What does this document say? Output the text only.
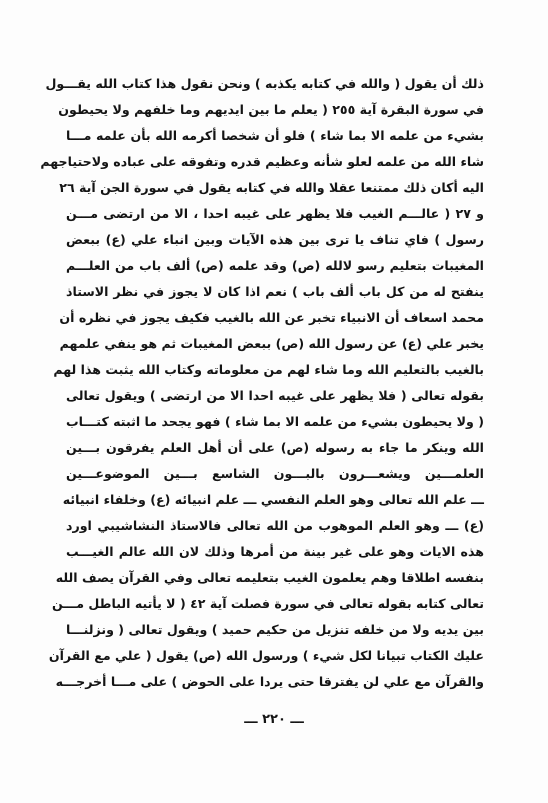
ذلك أن يقول ( والله في كتابه يكذبه ) ونحن نقول هذا كتاب الله يقـــول
في سورة البقرة آية ٢٥٥ ( يعلم ما بين ايديهم وما خلفهم ولا يحيطون
بشيء من علمه الا بما شاء ) فلو أن شخصا أكرمه الله بأن علمه مـــا
شاء الله من علمه لعلو شأنه وعظيم قدره وتفوقه على عباده ولاحتياجهم
اليه أكان ذلك ممتنعا عقلا والله في كتابه يقول في سورة الجن آية ٢٦
و ٢٧ ( عالـــم الغيب فلا يظهر على غيبه احدا ، الا من ارتضى مـــن
رسول ) فاي تناف يا ترى بين هذه الآيات وبين انباء علي (ع) ببعض
المغيبات بتعليم رسو لالله (ص) وقد علمه (ص) ألف باب من العلـــم
ينفتح له من كل باب ألف باب ) نعم اذا كان لا يجوز في نظر الاستاذ
محمد اسعاف أن الانبياء تخبر عن الله بالغيب فكيف يجوز في نظره أن
يخبر علي (ع) عن رسول الله (ص) ببعض المغيبات ثم هو ينفي علمهم
بالغيب بالتعليم الله وما شاء لهم من معلوماته وكتاب الله يثبت هذا لهم
بقوله تعالى ( فلا يظهر على غيبه احدا الا من ارتضى ) ويقول تعالى
( ولا يحيطون بشيء من علمه الا بما شاء ) فهو يجحد ما اثبته كتـــاب
الله وينكر ما جاء به رسوله (ص) على أن أهل العلم يفرقون بـــين
العلمـــين ويشعـــرون بالبـــون الشاسع بـــين الموضوعـــين
ـــ علم الله تعالى وهو العلم النفسي ـــ علم انبيائه (ع) وخلفاء انبيائه
(ع) ـــ وهو العلم الموهوب من الله تعالى فالاستاذ النشاشيبي اورد
هذه الايات وهو على غير بينة من أمرها وذلك لان الله عالم الغيـــب
بنفسه اطلاقا وهم يعلمون الغيب بتعليمه تعالى وفي القرآن يصف الله
تعالى كتابه بقوله تعالى في سورة فصلت آية ٤٢ ( لا يأتيه الباطل مـــن
بين يديه ولا من خلفه تنزيل من حكيم حميد ) ويقول تعالى ( ونزلنـــا
عليك الكتاب تبيانا لكل شيء ) ورسول الله (ص) يقول ( علي مع القرآن
والقرآن مع علي لن يفترقا حتى يردا على الحوض ) على مـــا أخرجـــه
ـــ ٢٢٠ ـــ
